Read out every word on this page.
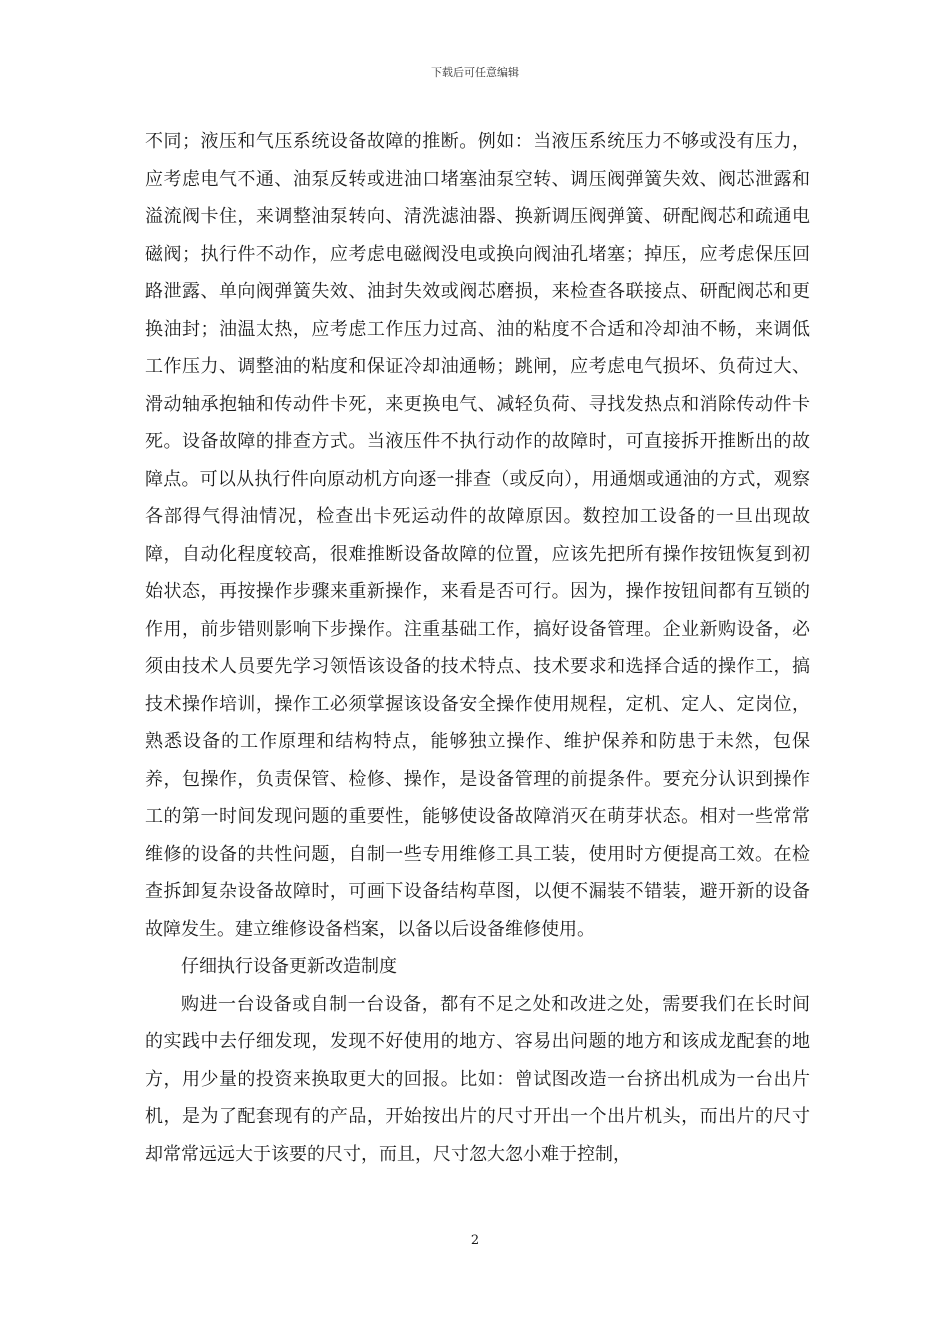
下载后可任意编辑

不同；液压和气压系统设备故障的推断。例如：当液压系统压力不够或没有压力，应考虑电气不通、油泵反转或进油口堵塞油泵空转、调压阀弹簧失效、阀芯泄露和溢流阀卡住，来调整油泵转向、清洗滤油器、换新调压阀弹簧、研配阀芯和疏通电磁阀；执行件不动作，应考虑电磁阀没电或换向阀油孔堵塞；掉压，应考虑保压回路泄露、单向阀弹簧失效、油封失效或阀芯磨损，来检查各联接点、研配阀芯和更换油封；油温太热，应考虑工作压力过高、油的粘度不合适和冷却油不畅，来调低工作压力、调整油的粘度和保证冷却油通畅；跳闸，应考虑电气损坏、负荷过大、滑动轴承抱轴和传动件卡死，来更换电气、减轻负荷、寻找发热点和消除传动件卡死。设备故障的排查方式。当液压件不执行动作的故障时，可直接拆开推断出的故障点。可以从执行件向原动机方向逐一排查（或反向），用通烟或通油的方式，观察各部得气得油情况，检查出卡死运动件的故障原因。数控加工设备的一旦出现故障，自动化程度较高，很难推断设备故障的位置，应该先把所有操作按钮恢复到初始状态，再按操作步骤来重新操作，来看是否可行。因为，操作按钮间都有互锁的作用，前步错则影响下步操作。注重基础工作，搞好设备管理。企业新购设备，必须由技术人员要先学习领悟该设备的技术特点、技术要求和选择合适的操作工，搞技术操作培训，操作工必须掌握该设备安全操作使用规程，定机、定人、定岗位，熟悉设备的工作原理和结构特点，能够独立操作、维护保养和防患于未然，包保养，包操作，负责保管、检修、操作，是设备管理的前提条件。要充分认识到操作工的第一时间发现问题的重要性，能够使设备故障消灭在萌芽状态。相对一些常常维修的设备的共性问题，自制一些专用维修工具工装，使用时方便提高工效。在检查拆卸复杂设备故障时，可画下设备结构草图，以便不漏装不错装，避开新的设备故障发生。建立维修设备档案，以备以后设备维修使用。

仔细执行设备更新改造制度

购进一台设备或自制一台设备，都有不足之处和改进之处，需要我们在长时间的实践中去仔细发现，发现不好使用的地方、容易出问题的地方和该成龙配套的地方，用少量的投资来换取更大的回报。比如：曾试图改造一台挤出机成为一台出片机，是为了配套现有的产品，开始按出片的尺寸开出一个出片机头，而出片的尺寸却常常远远大于该要的尺寸，而且，尺寸忽大忽小难于控制，

2
